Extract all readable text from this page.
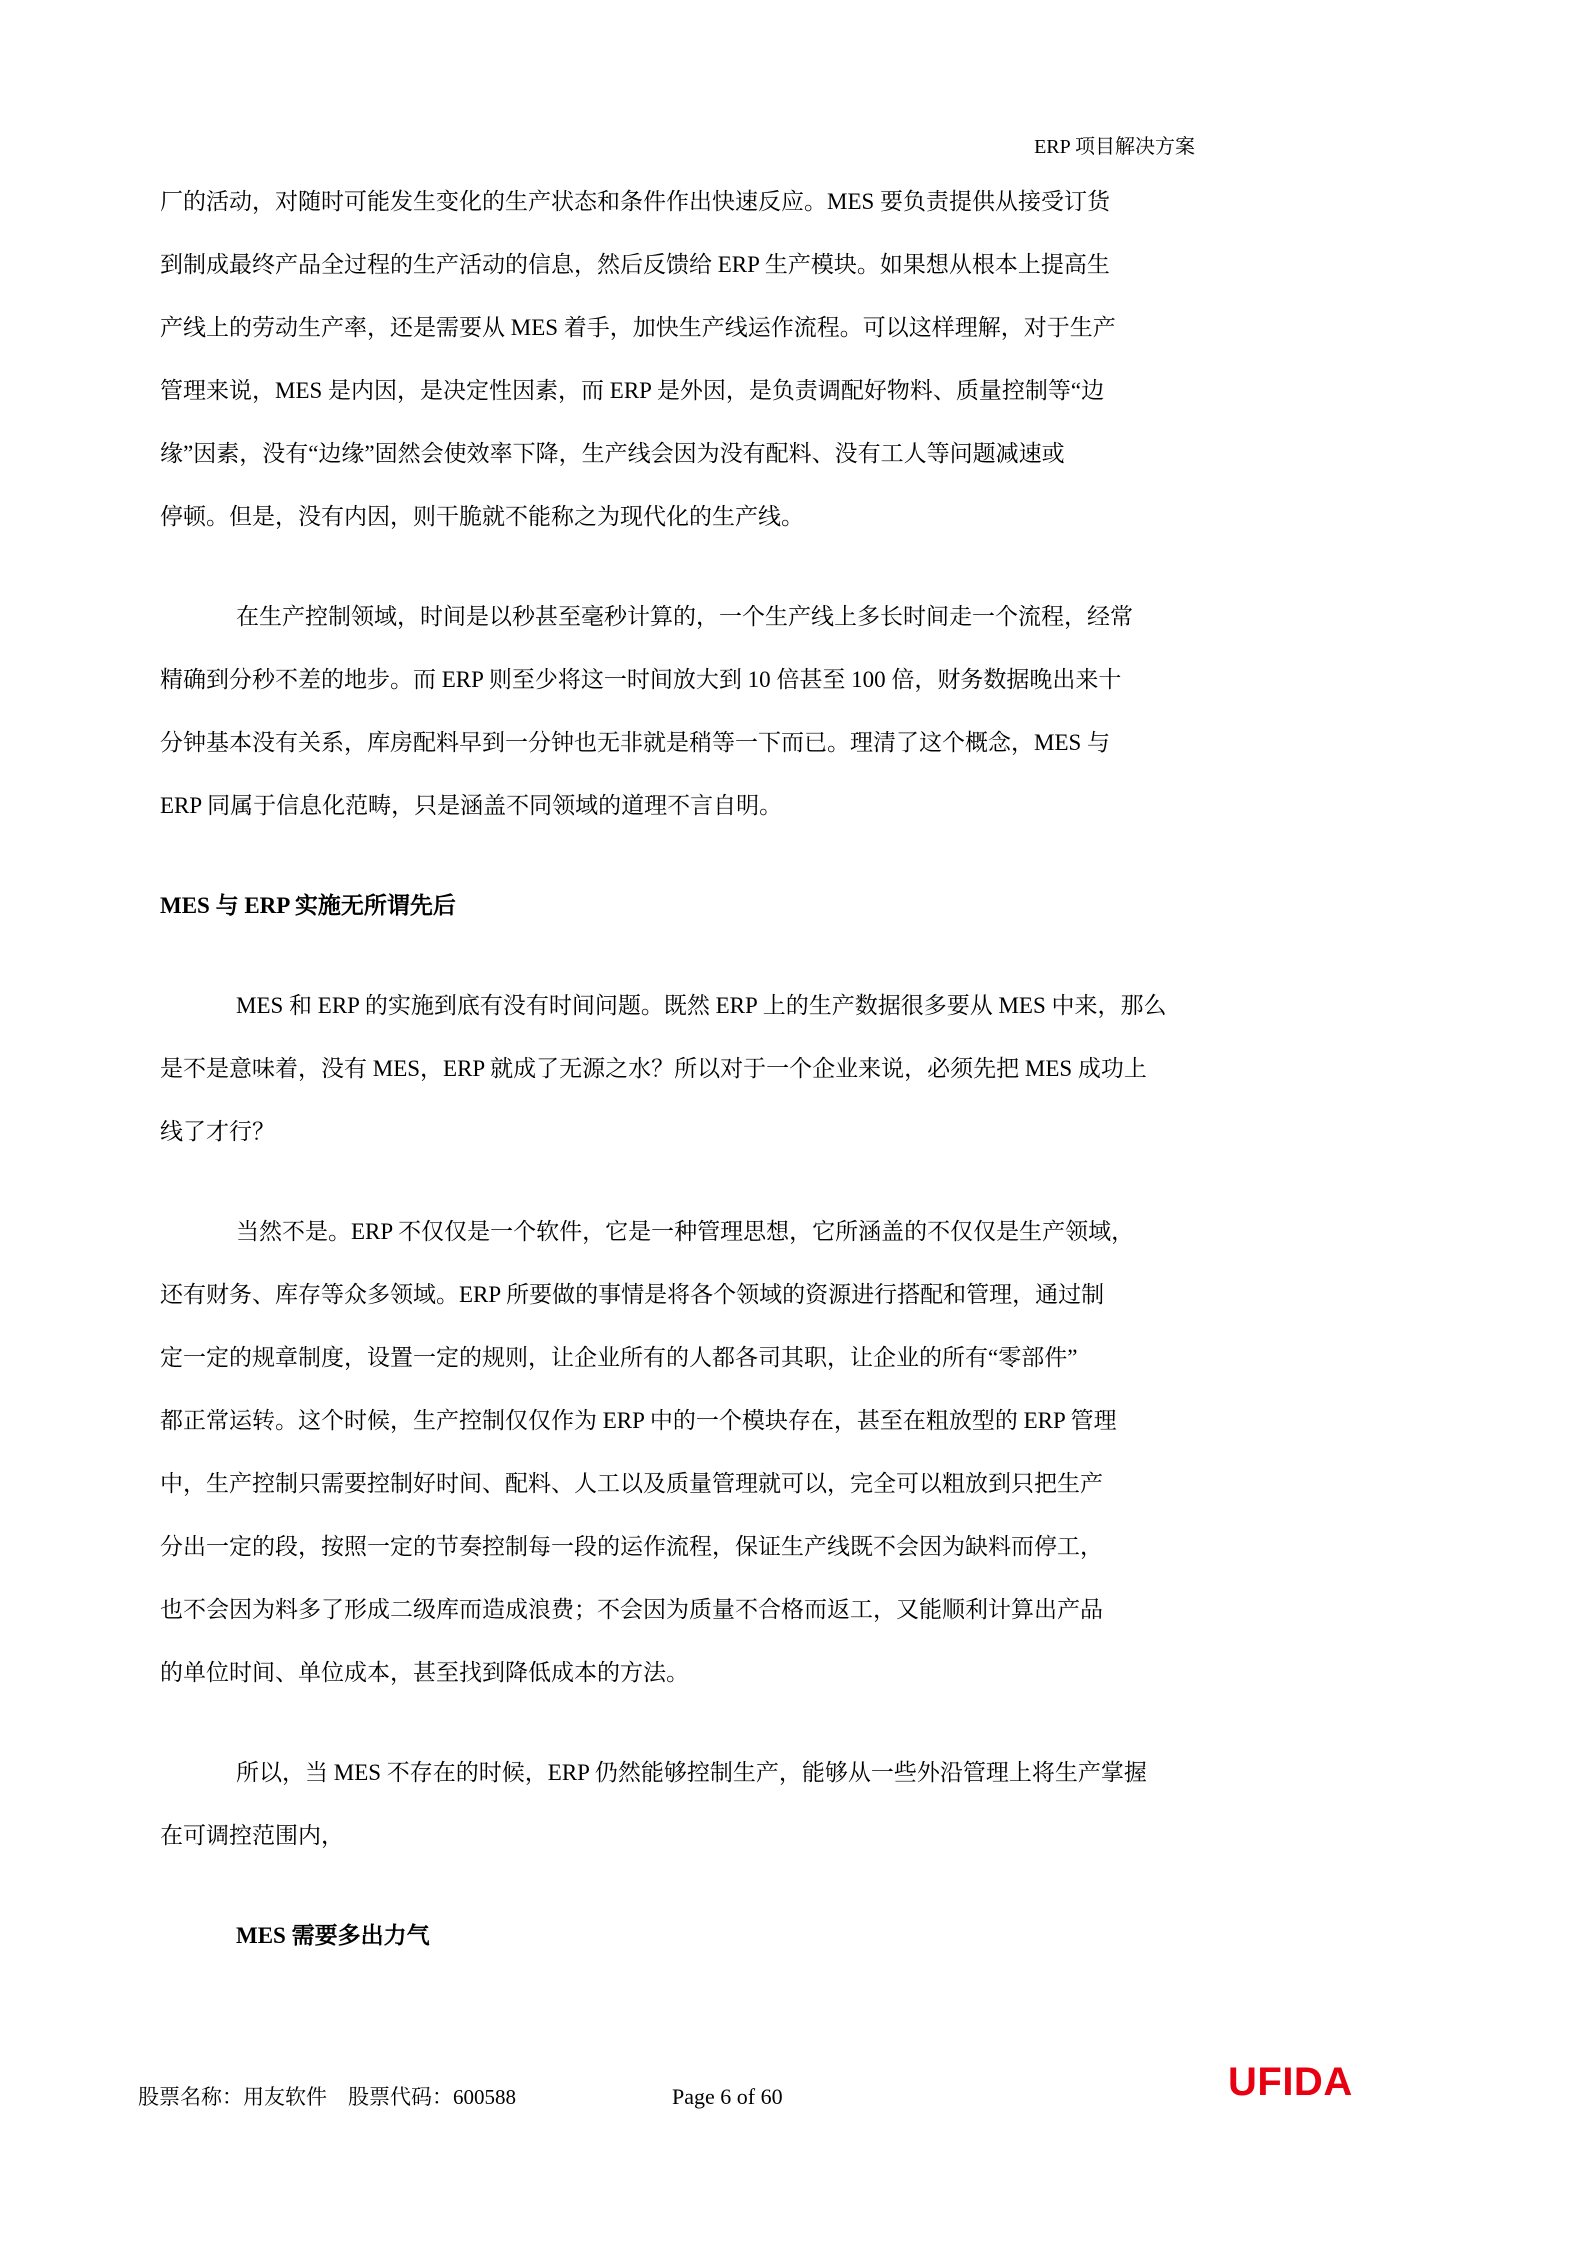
ERP 项目解决方案
厂的活动，对随时可能发生变化的生产状态和条件作出快速反应。MES 要负责提供从接受订货
到制成最终产品全过程的生产活动的信息，然后反馈给 ERP 生产模块。如果想从根本上提高生
产线上的劳动生产率，还是需要从 MES 着手，加快生产线运作流程。可以这样理解，对于生产
管理来说，MES 是内因，是决定性因素，而 ERP 是外因，是负责调配好物料、质量控制等“边
缘”因素，没有“边缘”固然会使效率下降，生产线会因为没有配料、没有工人等问题减速或
停顿。但是，没有内因，则干脆就不能称之为现代化的生产线。
在生产控制领域，时间是以秒甚至毫秒计算的，一个生产线上多长时间走一个流程，经常
精确到分秒不差的地步。而 ERP 则至少将这一时间放大到 10 倍甚至 100 倍，财务数据晚出来十
分钟基本没有关系，库房配料早到一分钟也无非就是稍等一下而已。理清了这个概念，MES 与
ERP 同属于信息化范畴，只是涵盖不同领域的道理不言自明。
MES 与 ERP 实施无所谓先后
MES 和 ERP 的实施到底有没有时间问题。既然 ERP 上的生产数据很多要从 MES 中来，那么
是不是意味着，没有 MES，ERP 就成了无源之水？所以对于一个企业来说，必须先把 MES 成功上
线了才行？
当然不是。ERP 不仅仅是一个软件，它是一种管理思想，它所涵盖的不仅仅是生产领域，
还有财务、库存等众多领域。ERP 所要做的事情是将各个领域的资源进行搭配和管理，通过制
定一定的规章制度，设置一定的规则，让企业所有的人都各司其职，让企业的所有“零部件”
都正常运转。这个时候，生产控制仅仅作为 ERP 中的一个模块存在，甚至在粗放型的 ERP 管理
中，生产控制只需要控制好时间、配料、人工以及质量管理就可以，完全可以粗放到只把生产
分出一定的段，按照一定的节奏控制每一段的运作流程，保证生产线既不会因为缺料而停工，
也不会因为料多了形成二级库而造成浪费；不会因为质量不合格而返工，又能顺利计算出产品
的单位时间、单位成本，甚至找到降低成本的方法。
所以，当 MES 不存在的时候，ERP 仍然能够控制生产，能够从一些外沿管理上将生产掌握
在可调控范围内，
MES 需要多出力气
股票名称：用友软件 股票代码：600588	Page 6 of 60	UFIDA
